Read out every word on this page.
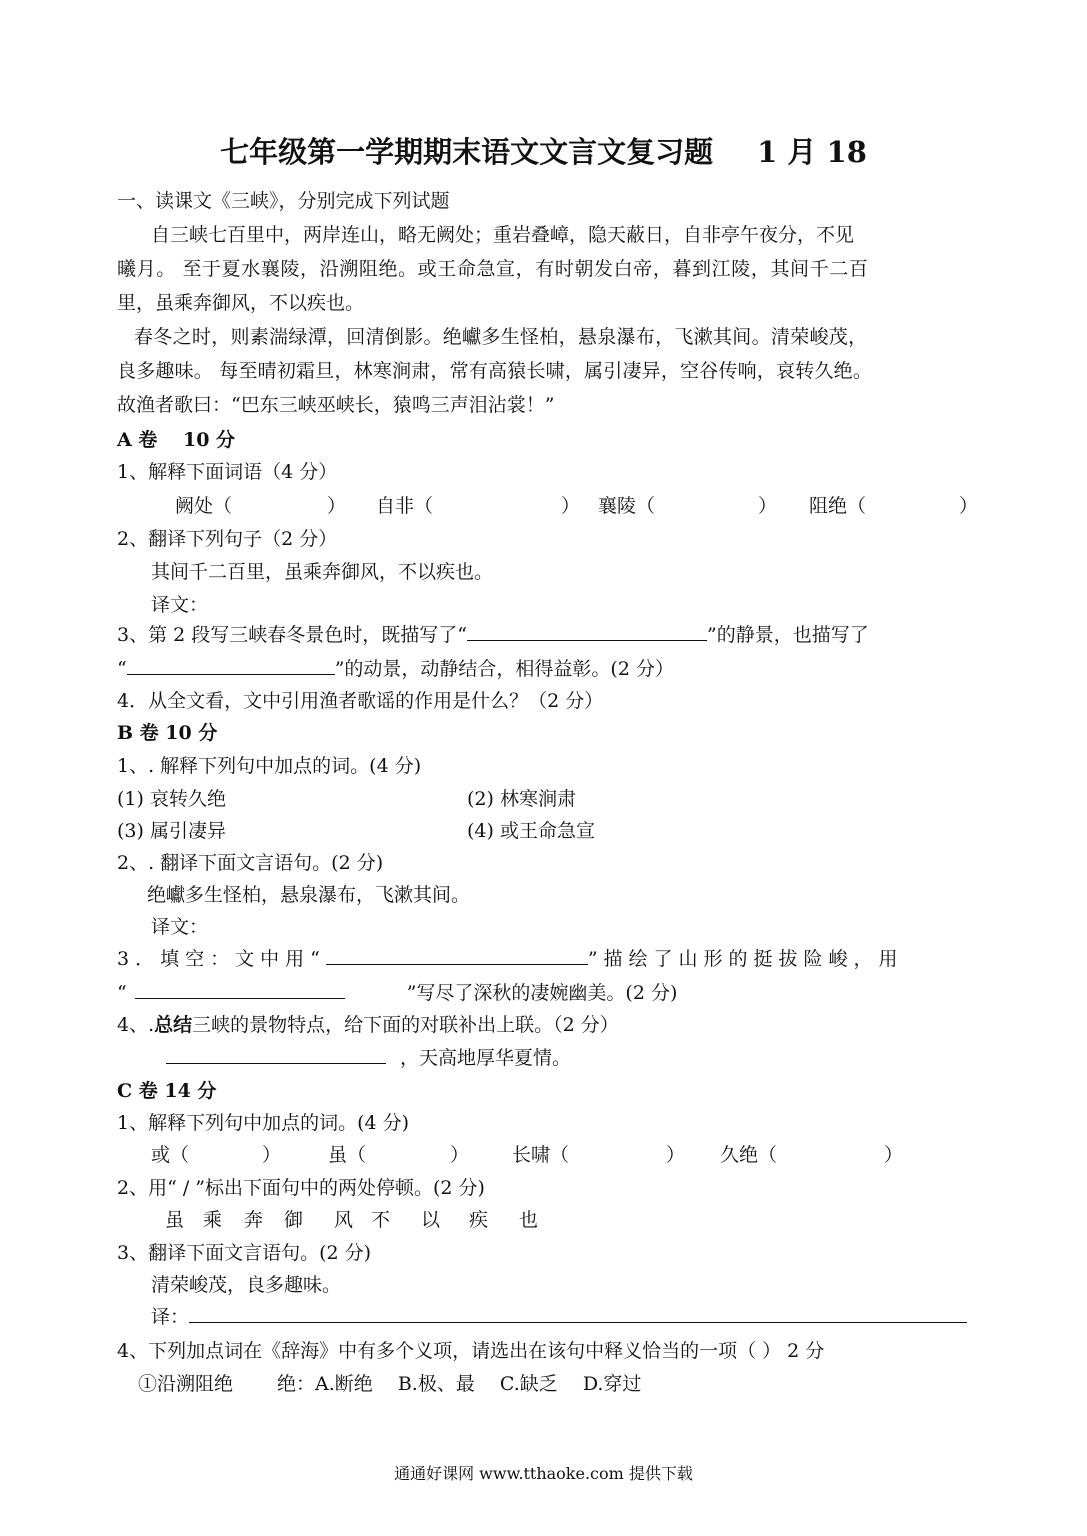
七年级第一学期期末语文文言文复习题 1 月 18
一、读课文《三峡》，分别完成下列试题
自三峡七百里中，两岸连山，略无阙处；重岩叠嶂，隐天蔽日，自非亭午夜分，不见
曦月。 至于夏水襄陵，沿溯阻绝。或王命急宣，有时朝发白帝，暮到江陵，其间千二百
里，虽乘奔御风，不以疾也。
春冬之时，则素湍绿潭，回清倒影。绝巘多生怪柏，悬泉瀑布，飞漱其间。清荣峻茂，
良多趣味。 每至晴初霜旦，林寒涧肃，常有高猿长啸，属引凄异，空谷传响，哀转久绝。
故渔者歌曰：“巴东三峡巫峡长，猿鸣三声泪沾裳！”
A 卷　 10 分
1、解释下面词语（4 分）
阙处（	） 自非（	） 襄陵（	） 阻绝（	）
2、翻译下列句子（2 分）
其间千二百里，虽乘奔御风，不以疾也。
译文：
3、第 2 段写三峡春冬景色时，既描写了“	”的静景，也描写了
“	”的动景，动静结合，相得益彰。(2 分）
4．从全文看，文中引用渔者歌谣的作用是什么？（2 分）
B 卷 10 分
1、. 解释下列句中加点的词。(4 分)
(1) 哀转久绝	(2) 林寒涧肃
(3) 属引凄异	(4) 或王命急宣
2、. 翻译下面文言语句。(2 分)
绝巘多生怪柏，悬泉瀑布，飞漱其间。
译文：
3．填空：文中用“	”描绘了山形的挺拔险峻，用
“	”写尽了深秋的凄婉幽美。(2 分)
4、.总结三峡的景物特点，给下面的对联补出上联。（2 分）
，天高地厚华夏情。
C 卷 14 分
1、解释下列句中加点的词。(4 分)
或（	） 虽（	） 长啸（	） 久绝（	）
2、用“ / ”标出下面句中的两处停顿。(2 分)
虽 乘 奔 御 风 不 以 疾 也
3、翻译下面文言语句。(2 分)
清荣峻茂，良多趣味。
译：
4、下列加点词在《辞海》中有多个义项，请选出在该句中释义恰当的一项（ ） 2 分
①沿溯阻绝　　 绝：A.断绝　 B.极、最　 C.缺乏　 D.穿过
通通好课网 www.tthaoke.com 提供下载
